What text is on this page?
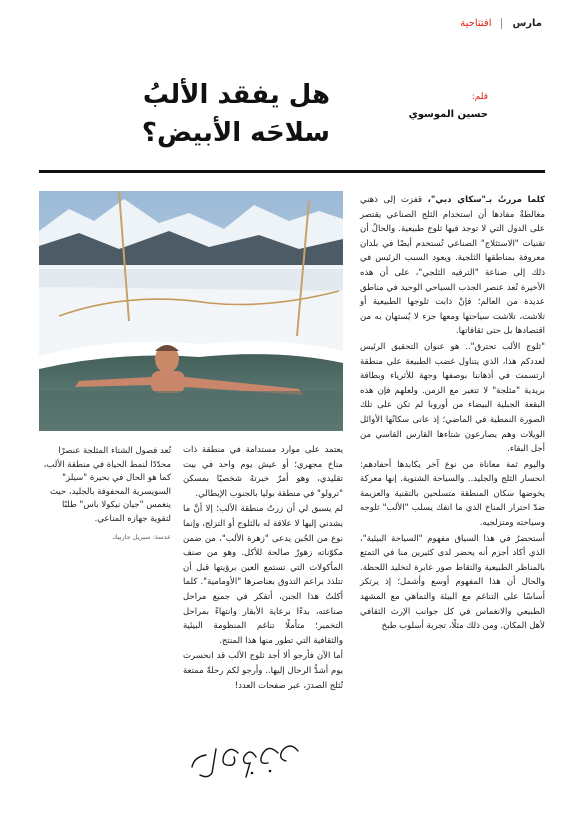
مارس
افتتاحية
قلم:
حسين الموسوي
هل يفقد الألبُ
سلاحَه الأبيض؟

كلما مررتُ بـ"سكاي دبي"، قفزت إلى ذهني مغالطةٌ مفادها أن استخدام الثلج الصناعي يقتصر على الدول التي لا توجد فيها ثلوج طبيعية. والحالُ أن تقنيات "الاستثلاج" الصناعي تُستخدم أيضًا في بلدان معروفة بمناطقها الثلجية. ويعود السبب الرئيس في ذلك إلى صناعة "الترفيه الثلجي"، على أن هذه الأخيرة تُعد عنصر الجذب السياحي الوحيد في مناطق عديدة من العالم؛ فإنْ ذابت ثلوجها الطبيعية أو تلاشت، تلاشت سياحتها ومعها جزء لا يُستهان به من اقتصادها بل حتى ثقافاتها.

"ثلوج الألب تحترق".. هو عنوان التحقيق الرئيس لعددكم هذا، الذي يتناول غضب الطبيعة على منطقة ارتسمت في أذهاننا بوصفها وجهة للأثرياء وبطاقة بريدية "مثلجة" لا تتغير مع الزمن. ولعلهم فإن هذه البقعة الجبلية البيضاء من أوروبا لم تكن على تلك الصورة النمطية في الماضي؛ إذ عانى سكانُها الأوائل الويلات وهم يصارعون شتاءها القارس القاسي من أجل البقاء.

واليوم ثمة معاناة من نوع آخر يكابدها أحفادهم: انحسار الثلج والجليد.. والسياحة الشتوية. إنها معركة يخوضها سكان المنطقة متسلحين بالتقنية والعزيمة ضدّ احترار المناخ الذي ما انفك يسلب "الألب" ثلوجه وسياحته ومتزلجيه.

أستحضرُ في هذا السياق مفهوم "السياحة البيئية"، الذي أكاد أجزم أنه يحضر لدى كثيرين منا في التمتع بالمناظر الطبيعية والتقاط صور عابرة لتخليد اللحظة. والحال أن هذا المفهوم أوسع وأشمل؛ إذ يرتكز أساسًا على التناغم مع البيئة والتماهي مع المشهد الطبيعي والانغماس في كل جوانب الإرث الثقافي لأهل المكان. ومن ذلك مثلًا، تجربة أسلوب طبخ

يعتمد على موارد مستدامة في منطقة ذات مناخ مجهري؛ أو عيش يوم واحد في بيت تقليدي، وهو أمرٌ خبرتهُ شخصيًا بمسكن "ترولو" في منطقة بوليا بالجنوب الإيطالي.

لم يسبق لي أن زرتُ منطقة الألب؛ إلا أنَّ ما يشدني إليها لا علاقة له بالثلوج أو التزلج، وإنما نوع من الجُبن يدعى "زهرة الألب"، من ضمن مكوّناته زهورٌ صالحة للأكل. وهو من صنف المأكولات التي تستمع العين برؤيتها قبل أن تتلذذ براعم التذوق بعناصرها "الأومامية". كلما أكلتُ هذا الجبن، أتفكر في جميع مراحل صناعته، بدءًا برعاية الأبقار وانتهاءً بمراحل التخمير؛ متأملًا تناغم المنظومة البيئية والثقافية التي تطور منها هذا المنتج.

أما الآن فأرجو ألا أجد ثلوج الألب قد انحسرت يوم أشدُّ الرحال إليها.. وأرجو لكم رحلةً ممتعة تُثلج الصدرَ، عبر صفحات العدد!

تُعد فصول الشتاء المثلجة عنصرًا محدّدًا لنمط الحياة في منطقة الألب، كما هو الحال في بحيرة "سيلز" السويسرية المحفوفة بالجليد، حيث ينغمس "جيان نيكولا باس" طلبًا لتقوية جهازه المناعي.
عدسة: سيريل جازبيك
